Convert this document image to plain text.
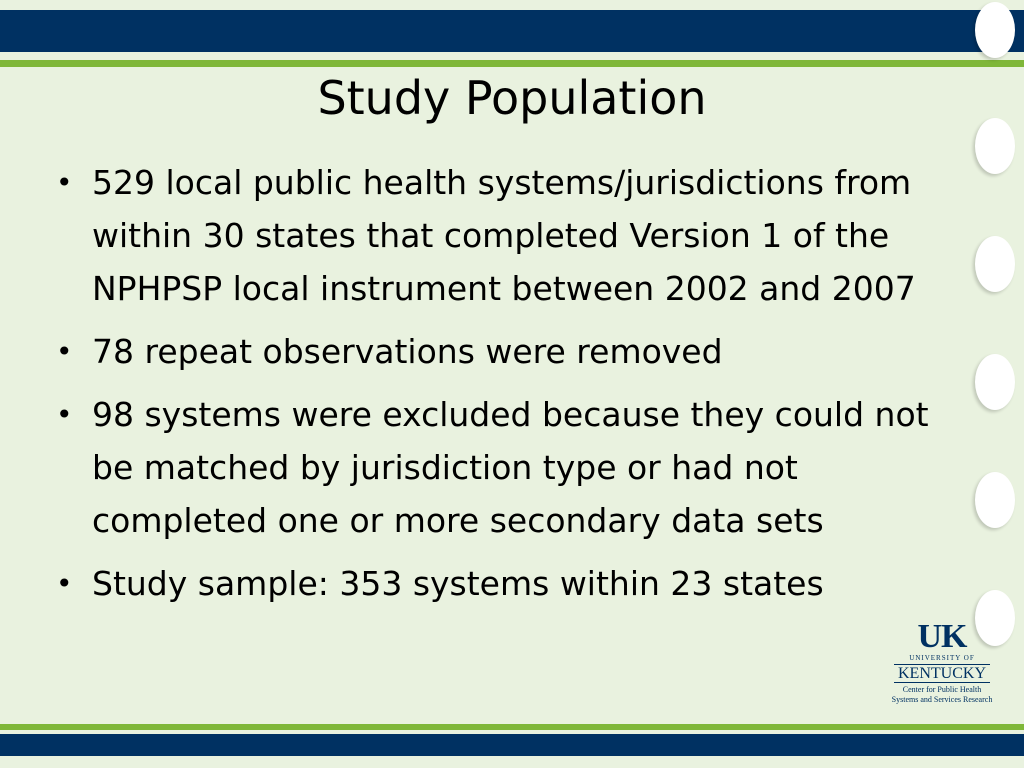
Study Population
• 529 local public health systems/jurisdictions from within 30 states that completed Version 1 of the NPHPSP local instrument between 2002 and 2007
• 78 repeat observations were removed
• 98 systems were excluded because they could not be matched by jurisdiction type or had not completed one or more secondary data sets
• Study sample: 353 systems within 23 states
UK
UNIVERSITY OF
KENTUCKY
Center for Public Health
Systems and Services Research
